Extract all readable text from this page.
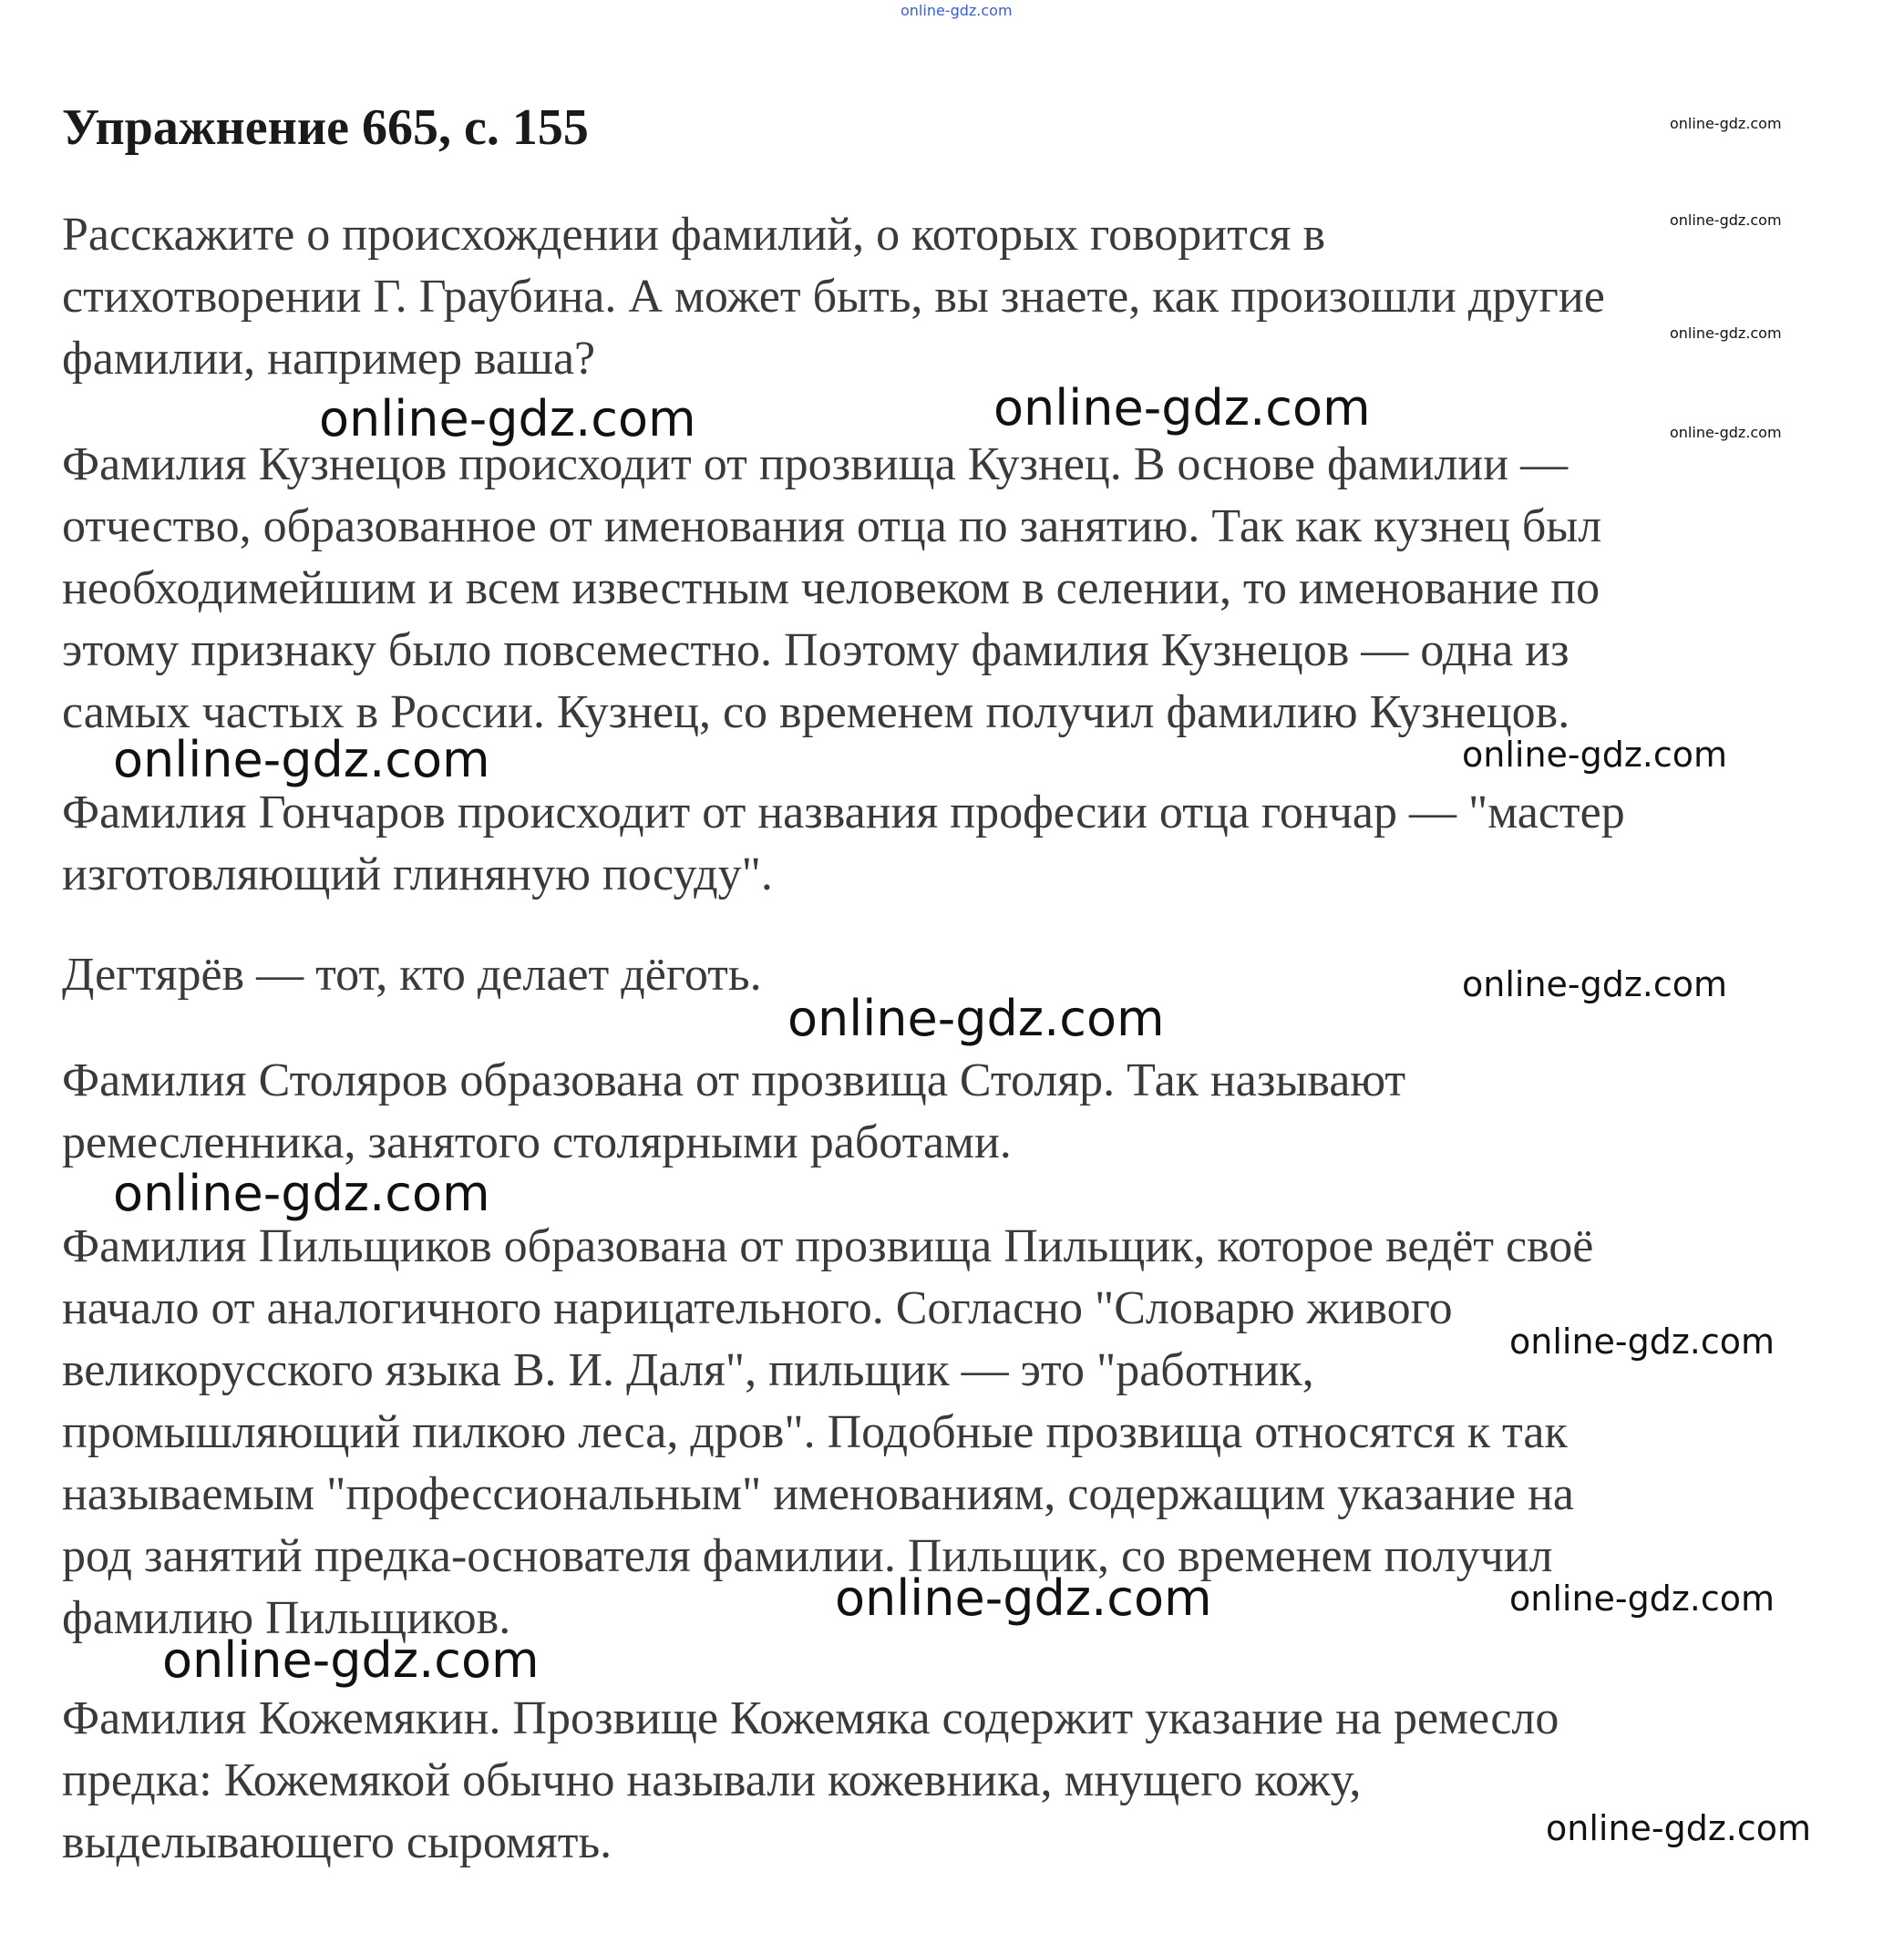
online-gdz.com
Упражнение 665, с. 155	online-gdz.com
online-gdz.com
online-gdz.com
online-gdz.com

Расскажите о происхождении фамилий, о которых говорится в
стихотворении Г. Граубина. А может быть, вы знаете, как произошли другие
фамилии, например ваша?

online-gdz.com	online-gdz.com

Фамилия Кузнецов происходит от прозвища Кузнец. В основе фамилии —
отчество, образованное от именования отца по занятию. Так как кузнец был
необходимейшим и всем известным человеком в селении, то именование по
этому признаку было повсеместно. Поэтому фамилия Кузнецов — одна из
самых частых в России. Кузнец, со временем получил фамилию Кузнецов.

online-gdz.com	online-gdz.com

Фамилия Гончаров происходит от названия професии отца гончар — "мастер
изготовляющий глиняную посуду".

Дегтярёв — тот, кто делает дёготь.	online-gdz.com
online-gdz.com

Фамилия Столяров образована от прозвища Столяр. Так называют
ремесленника, занятого столярными работами.

online-gdz.com

Фамилия Пильщиков образована от прозвища Пильщик, которое ведёт своё
начало от аналогичного нарицательного. Согласно "Словарю живого
великорусского языка В. И. Даля", пильщик — это "работник,
промышляющий пилкою леса, дров". Подобные прозвища относятся к так
называемым "профессиональным" именованиям, содержащим указание на
род занятий предка-основателя фамилии. Пильщик, со временем получил
фамилию Пильщиков.

online-gdz.com
online-gdz.com	online-gdz.com
online-gdz.com

Фамилия Кожемякин. Прозвище Кожемяка содержит указание на ремесло
предка: Кожемякой обычно называли кожевника, мнущего кожу,
выделывающего сыромять.	online-gdz.com
